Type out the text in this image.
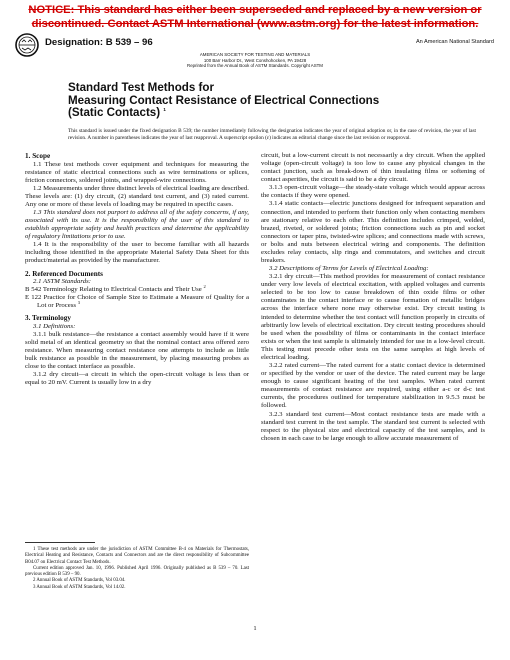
NOTICE: This standard has either been superseded and replaced by a new version or
discontinued. Contact ASTM International (www.astm.org) for the latest information.
Designation: B 539 – 96	An American National Standard
AMERICAN SOCIETY FOR TESTING AND MATERIALS
100 Barr Harbor Dr., West Conshohocken, PA 19428
Reprinted from the Annual Book of ASTM Standards. Copyright ASTM
Standard Test Methods for
Measuring Contact Resistance of Electrical Connections
(Static Contacts) $^1$
This standard is issued under the fixed designation B 539; the number immediately following the designation indicates the year of original adoption or, in the case of revision, the year of last revision. A number in parentheses indicates the year of last reapproval. A superscript epsilon (ε) indicates an editorial change since the last revision or reapproval.
1. Scope

1.1 These test methods cover equipment and techniques for measuring the resistance of static electrical connections such as wire terminations or splices, friction connectors, soldered joints, and wrapped-wire connections.

1.2 Measurements under three distinct levels of electrical loading are described. These levels are: (1) dry circuit, (2) standard test current, and (3) rated current. Any one or more of these levels of loading may be required in specific cases.

1.3 This standard does not purport to address all of the safety concerns, if any, associated with its use. It is the responsibility of the user of this standard to establish appropriate safety and health practices and determine the applicability of regulatory limitations prior to use.

1.4 It is the responsibility of the user to become familiar with all hazards including those identified in the appropriate Material Safety Data Sheet for this product/material as provided by the manufacturer.

2. Referenced Documents

2.1 ASTM Standards:

B 542 Terminology Relating to Electrical Contacts and Their Use $^2$

E 122 Practice for Choice of Sample Size to Estimate a Measure of Quality for a Lot or Process $^3$

3. Terminology

3.1 Definitions:

3.1.1 bulk resistance—the resistance a contact assembly would have if it were solid metal of an identical geometry so that the nominal contact area offered zero resistance. When measuring contact resistance one attempts to include as little bulk resistance as possible in the measurement, by placing measuring probes as close to the contact interface as possible.

3.1.2 dry circuit—a circuit in which the open-circuit voltage is less than or equal to 20 mV. Current is usually low in a dry

circuit, but a low-current circuit is not necessarily a dry circuit. When the applied voltage (open-circuit voltage) is too low to cause any physical changes in the contact junction, such as break-down of thin insulating films or softening of contact asperities, the circuit is said to be a dry circuit.

3.1.3 open-circuit voltage—the steady-state voltage which would appear across the contacts if they were opened.

3.1.4 static contacts—electric junctions designed for infrequent separation and connection, and intended to perform their function only when contacting members are stationary relative to each other. This definition includes crimped, welded, brazed, riveted, or soldered joints; friction connections such as pin and socket connectors or taper pins, twisted-wire splices; and connections made with screws, or bolts and nuts between electrical wiring and components. The definition excludes relay contacts, slip rings and commutators, and switches and circuit breakers.

3.2 Descriptions of Terms for Levels of Electrical Loading:

3.2.1 dry circuit—This method provides for measurement of contact resistance under very low levels of electrical excitation, with applied voltages and currents selected to be too low to cause breakdown of thin oxide films or other contaminates in the contact interface or to cause formation of metallic bridges across the interface where none may otherwise exist. Dry circuit testing is intended to determine whether the test contact will function properly in circuits of arbitrarily low levels of electrical excitation. Dry circuit testing procedures should be used when the possibility of films or contaminants in the contact interface exists or when the test sample is ultimately intended for use in a low-level circuit. This testing must precede other tests on the same samples at high levels of electrical loading.

3.2.2 rated current—The rated current for a static contact device is determined or specified by the vendor or user of the device. The rated current may be large enough to cause significant heating of the test samples. When rated current measurements of contact resistance are required, using either a-c or d-c test currents, the procedures outlined for temperature stabilization in 9.5.3 must be followed.

3.2.3 standard test current—Most contact resistance tests are made with a standard test current in the test sample. The standard test current is selected with respect to the physical size and electrical capacity of the test samples, and is chosen in each case to be large enough to allow accurate measurement of

1 These test methods are under the jurisdiction of ASTM Committee B-4 on Materials for Thermostats, Electrical Heating and Resistance, Contacts and Connectors and are the direct responsibility of Subcommittee B04.07 on Electrical Contact Test Methods.

Current edition approved Jan. 10, 1996. Published April 1996. Originally published as B 539 – 70. Last previous edition B 539 – 90.

2 Annual Book of ASTM Standards, Vol 03.04.

3 Annual Book of ASTM Standards, Vol 14.02.

1
